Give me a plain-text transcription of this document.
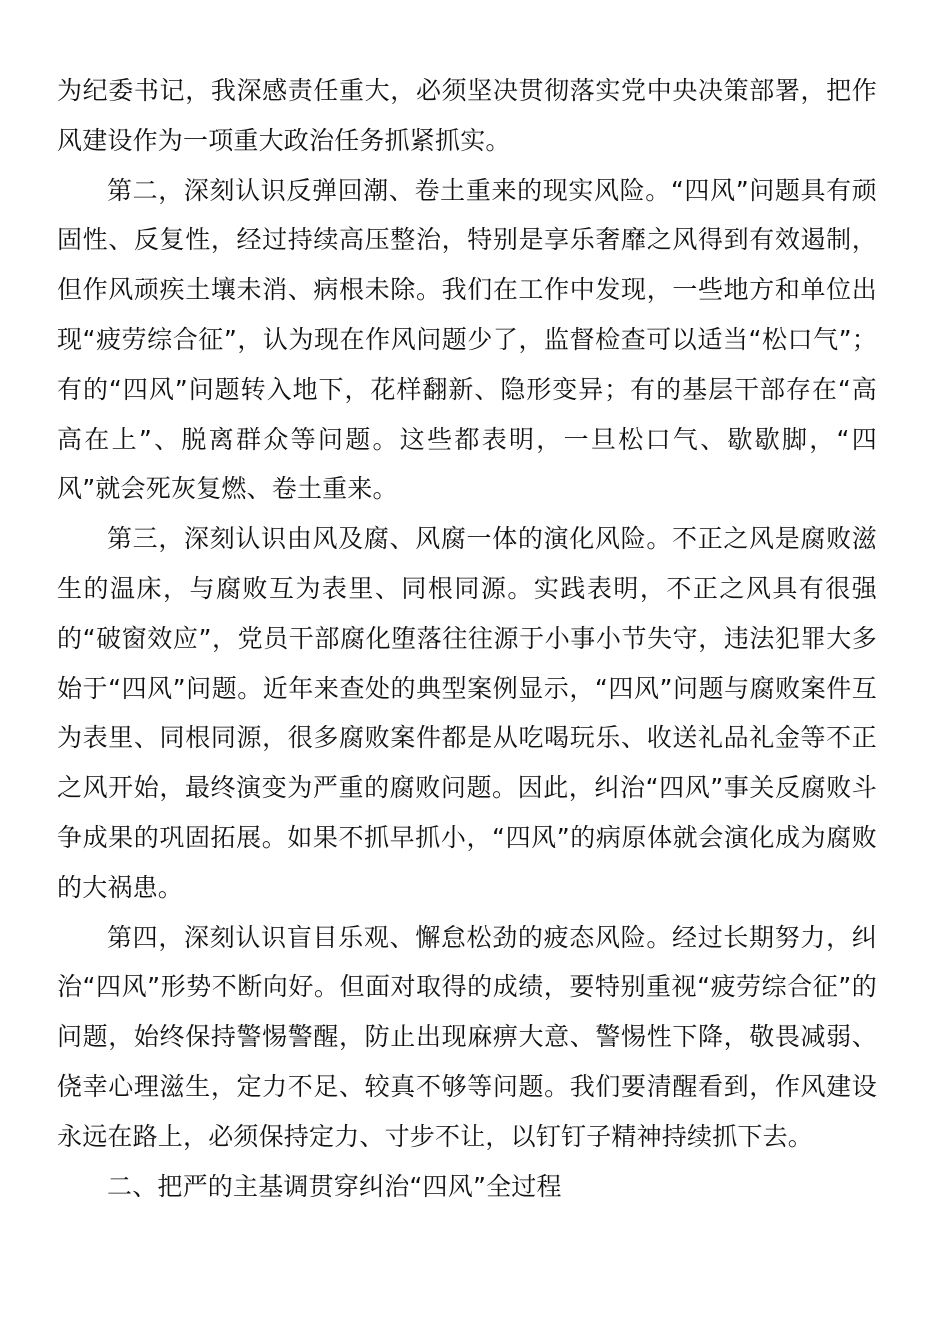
为纪委书记，我深感责任重大，必须坚决贯彻落实党中央决策部署，把作风建设作为一项重大政治任务抓紧抓实。

第二，深刻认识反弹回潮、卷土重来的现实风险。“四风”问题具有顽固性、反复性，经过持续高压整治，特别是享乐奢靡之风得到有效遏制，但作风顽疾土壤未消、病根未除。我们在工作中发现，一些地方和单位出现“疲劳综合征”，认为现在作风问题少了，监督检查可以适当“松口气”；有的“四风”问题转入地下，花样翻新、隐形变异；有的基层干部存在“高高在上”、脱离群众等问题。这些都表明，一旦松口气、歇歇脚，“四风”就会死灰复燃、卷土重来。

第三，深刻认识由风及腐、风腐一体的演化风险。不正之风是腐败滋生的温床，与腐败互为表里、同根同源。实践表明，不正之风具有很强的“破窗效应”，党员干部腐化堕落往往源于小事小节失守，违法犯罪大多始于“四风”问题。近年来查处的典型案例显示，“四风”问题与腐败案件互为表里、同根同源，很多腐败案件都是从吃喝玩乐、收送礼品礼金等不正之风开始，最终演变为严重的腐败问题。因此，纠治“四风”事关反腐败斗争成果的巩固拓展。如果不抓早抓小，“四风”的病原体就会演化成为腐败的大祸患。

第四，深刻认识盲目乐观、懈怠松劲的疲态风险。经过长期努力，纠治“四风”形势不断向好。但面对取得的成绩，要特别重视“疲劳综合征”的问题，始终保持警惕警醒，防止出现麻痹大意、警惕性下降，敬畏减弱、侥幸心理滋生，定力不足、较真不够等问题。我们要清醒看到，作风建设永远在路上，必须保持定力、寸步不让，以钉钉子精神持续抓下去。

二、把严的主基调贯穿纠治“四风”全过程
